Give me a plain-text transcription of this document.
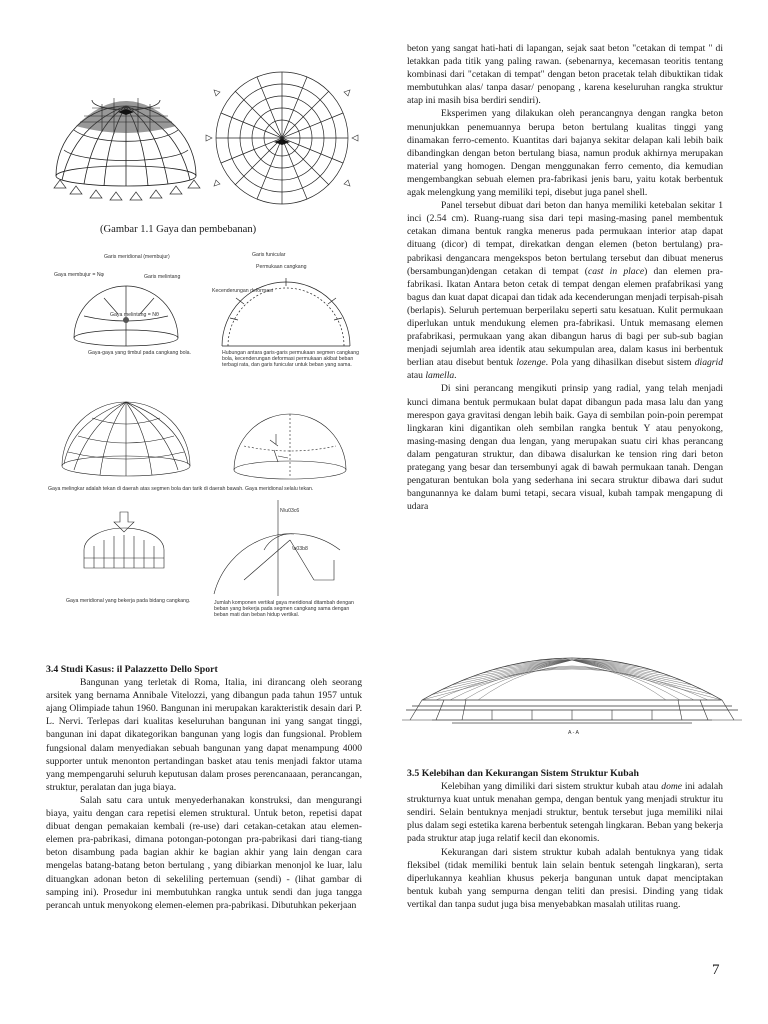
(Gambar 1.1 Gaya dan pembebanan)
Garis meridional (membujur)
Gaya membujur = Nφ	Garis melintang
Gaya melintang = Nθ
Gaya-gaya yang timbul pada cangkang bola.
Garis funicular
Permukaan cangkang
Kecenderungan deformasi
Hubungan antara garis-garis permukaan segmen cangkang bola, kecenderungan deformasi permukaan akibat beban terbagi rata, dan garis funicular untuk beban yang sama.
Gaya melingkar adalah tekan di daerah atas segmen bola dan tarik di daerah bawah. Gaya meridional selalu tekan.
Gaya meridional yang bekerja pada bidang cangkang.
N\u03c6
\u03b8
Jumlah komponen vertikal gaya meridional ditambah dengan beban yang bekerja pada segmen cangkang sama dengan beban mati dan beban hidup vertikal.

beton yang sangat hati-hati di lapangan, sejak saat beton "cetakan di tempat " di letakkan pada titik yang paling rawan. (sebenarnya, kecemasan teoritis tentang kombinasi dari "cetakan di tempat" dengan beton pracetak telah dibuktikan tidak membutuhkan alas/ tanpa dasar/ penopang , karena keseluruhan rangka struktur atap ini masih bisa berdiri sendiri).

Eksperimen yang dilakukan oleh perancangnya dengan rangka beton menunjukkan penemuannya berupa beton bertulang kualitas tinggi yang dinamakan ferro-cemento. Kuantitas dari bajanya sekitar delapan kali lebih baik dibandingkan dengan beton bertulang biasa, namun produk akhirnya merupakan material yang homogen. Dengan menggunakan ferro cemento, dia kemudian mengembangkan sebuah elemen pra-fabrikasi jenis baru, yaitu kotak berbentuk agak melengkung yang memiliki tepi, disebut juga panel shell.

Panel tersebut dibuat dari beton dan hanya memiliki ketebalan sekitar 1 inci (2.54 cm). Ruang-ruang sisa dari tepi masing-masing panel membentuk cetakan dimana bentuk rangka menerus pada permukaan interior atap dapat dituang (dicor) di tempat, direkatkan dengan elemen (beton bertulang) pra-pabrikasi dengancara mengekspos beton bertulang tersebut dan dibuat menerus (bersambungan)dengan cetakan di tempat (cast in place) dan elemen pra-fabrikasi. Ikatan Antara beton cetak di tempat dengan elemen prafabrikasi yang bagus dan kuat dapat dicapai dan tidak ada kecenderungan menjadi terpisah-pisah (berlapis). Seluruh pertemuan berperilaku seperti satu kesatuan. Kulit permukaan diperlukan untuk mendukung elemen pra-fabrikasi. Untuk memasang elemen prafabrikasi, permukaan yang akan dibangun harus di bagi per sub-sub bagian menjadi sejumlah area identik atau sekumpulan area, dalam kasus ini berbentuk berlian atau disebut bentuk lozenge. Pola yang dihasilkan disebut sistem diagrid atau lamella.

Di sini perancang mengikuti prinsip yang radial, yang telah menjadi kunci dimana bentuk permukaan bulat dapat dibangun pada masa lalu dan yang merespon gaya gravitasi dengan lebih baik. Gaya di sembilan poin-poin perempat lingkaran kini digantikan oleh sembilan rangka bentuk Y atau penyokong, masing-masing dengan dua lengan, yang merupakan suatu ciri khas perancang dalam pengaturan struktur, dan dibawa disalurkan ke tension ring dari beton prategang yang besar dan tersembunyi agak di bawah permukaan tanah. Dengan pengaturan bentukan bola yang sederhana ini secara struktur dibawa dari sudut bangunannya ke dalam bumi tetapi, secara visual, kubah tampak mengapung di udara

A - A

3.4 Studi Kasus: il Palazzetto Dello Sport

Bangunan yang terletak di Roma, Italia, ini dirancang oleh seorang arsitek yang bernama Annibale Vitelozzi, yang dibangun pada tahun 1957 untuk ajang Olimpiade tahun 1960. Bangunan ini merupakan karakteristik desain dari P. L. Nervi. Terlepas dari kualitas keseluruhan bangunan ini yang sangat tinggi, bangunan ini dapat dikategorikan bangunan yang logis dan fungsional. Problem fungsional dalam menyediakan sebuah bangunan yang dapat menampung 4000 supporter untuk menonton pertandingan basket atau tenis menjadi faktor utama yang mempengaruhi seluruh keputusan dalam proses perencanaaan, perancangan, struktur, peralatan dan juga biaya.

Salah satu cara untuk menyederhanakan konstruksi, dan mengurangi biaya, yaitu dengan cara repetisi elemen struktural. Untuk beton, repetisi dapat dibuat dengan pemakaian kembali (re-use) dari cetakan-cetakan atau elemen-elemen pra-pabrikasi, dimana potongan-potongan pra-pabrikasi dari tiang-tiang beton disambung pada bagian akhir ke bagian akhir yang lain dengan cara mengelas batang-batang beton bertulang , yang dibiarkan menonjol ke luar, lalu dituangkan adonan beton di sekeliling pertemuan (sendi) - (lihat gambar di samping ini). Prosedur ini membutuhkan rangka untuk sendi dan juga tangga perancah untuk menyokong elemen-elemen pra-pabrikasi. Dibutuhkan pekerjaan

3.5 Kelebihan dan Kekurangan Sistem Struktur Kubah

Kelebihan yang dimiliki dari sistem struktur kubah atau dome ini adalah strukturnya kuat untuk menahan gempa, dengan bentuk yang menjadi struktur itu sendiri. Selain bentuknya menjadi struktur, bentuk tersebut juga memiliki nilai plus dalam segi estetika karena berbentuk setengah lingkaran. Beban yang bekerja pada struktur atap juga relatif kecil dan ekonomis.

Kekurangan dari sistem struktur kubah adalah bentuknya yang tidak fleksibel (tidak memiliki bentuk lain selain bentuk setengah lingkaran), serta diperlukannya keahlian khusus pekerja bangunan untuk dapat menciptakan bentuk kubah yang sempurna dengan teliti dan presisi. Dinding yang tidak vertikal dan tanpa sudut juga bisa menyebabkan masalah utilitas ruang.

7
